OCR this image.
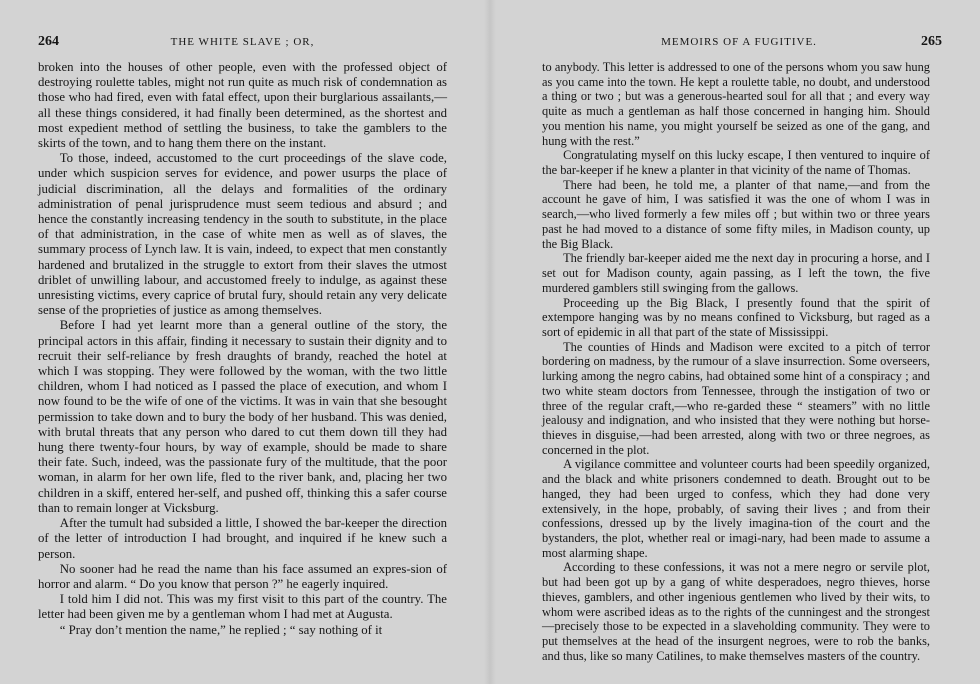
264	THE WHITE SLAVE ; OR,

broken into the houses of other people, even with the professed object of destroying roulette tables, might not run quite as much risk of condemnation as those who had fired, even with fatal effect, upon their burglarious assailants,—all these things considered, it had finally been determined, as the shortest and most expedient method of settling the business, to take the gamblers to the skirts of the town, and to hang them there on the instant.

To those, indeed, accustomed to the curt proceedings of the slave code, under which suspicion serves for evidence, and power usurps the place of judicial discrimination, all the delays and formalities of the ordinary administration of penal jurisprudence must seem tedious and absurd ; and hence the constantly increasing tendency in the south to substitute, in the place of that administration, in the case of white men as well as of slaves, the summary process of Lynch law. It is vain, indeed, to expect that men constantly hardened and brutalized in the struggle to extort from their slaves the utmost driblet of unwilling labour, and accustomed freely to indulge, as against these unresisting victims, every caprice of brutal fury, should retain any very delicate sense of the proprieties of justice as among themselves.

Before I had yet learnt more than a general outline of the story, the principal actors in this affair, finding it necessary to sustain their dignity and to recruit their self-reliance by fresh draughts of brandy, reached the hotel at which I was stopping. They were followed by the woman, with the two little children, whom I had noticed as I passed the place of execution, and whom I now found to be the wife of one of the victims. It was in vain that she besought permission to take down and to bury the body of her husband. This was denied, with brutal threats that any person who dared to cut them down till they had hung there twenty-four hours, by way of example, should be made to share their fate. Such, indeed, was the passionate fury of the multitude, that the poor woman, in alarm for her own life, fled to the river bank, and, placing her two children in a skiff, entered her-self, and pushed off, thinking this a safer course than to remain longer at Vicksburg.

After the tumult had subsided a little, I showed the bar-keeper the direction of the letter of introduction I had brought, and inquired if he knew such a person.

No sooner had he read the name than his face assumed an expres-sion of horror and alarm. “ Do you know that person ?” he eagerly inquired.

I told him I did not. This was my first visit to this part of the country. The letter had been given me by a gentleman whom I had met at Augusta.

“ Pray don’t mention the name,” he replied ; “ say nothing of it

MEMOIRS OF A FUGITIVE.	265

to anybody. This letter is addressed to one of the persons whom you saw hung as you came into the town. He kept a roulette table, no doubt, and understood a thing or two ; but was a generous-hearted soul for all that ; and every way quite as much a gentleman as half those concerned in hanging him. Should you mention his name, you might yourself be seized as one of the gang, and hung with the rest.”

Congratulating myself on this lucky escape, I then ventured to inquire of the bar-keeper if he knew a planter in that vicinity of the name of Thomas.

There had been, he told me, a planter of that name,—and from the account he gave of him, I was satisfied it was the one of whom I was in search,—who lived formerly a few miles off ; but within two or three years past he had moved to a distance of some fifty miles, in Madison county, up the Big Black.

The friendly bar-keeper aided me the next day in procuring a horse, and I set out for Madison county, again passing, as I left the town, the five murdered gamblers still swinging from the gallows.

Proceeding up the Big Black, I presently found that the spirit of extempore hanging was by no means confined to Vicksburg, but raged as a sort of epidemic in all that part of the state of Mississippi.

The counties of Hinds and Madison were excited to a pitch of terror bordering on madness, by the rumour of a slave insurrection. Some overseers, lurking among the negro cabins, had obtained some hint of a conspiracy ; and two white steam doctors from Tennessee, through the instigation of two or three of the regular craft,—who re-garded these “ steamers” with no little jealousy and indignation, and who insisted that they were nothing but horse-thieves in disguise,—had been arrested, along with two or three negroes, as concerned in the plot.

A vigilance committee and volunteer courts had been speedily organized, and the black and white prisoners condemned to death. Brought out to be hanged, they had been urged to confess, which they had done very extensively, in the hope, probably, of saving their lives ; and from their confessions, dressed up by the lively imagina-tion of the court and the bystanders, the plot, whether real or imagi-nary, had been made to assume a most alarming shape.

According to these confessions, it was not a mere negro or servile plot, but had been got up by a gang of white desperadoes, negro thieves, horse thieves, gamblers, and other ingenious gentlemen who lived by their wits, to whom were ascribed ideas as to the rights of the cunningest and the strongest—precisely those to be expected in a slaveholding community. They were to put themselves at the head of the insurgent negroes, were to rob the banks, and thus, like so many Catilines, to make themselves masters of the country.
